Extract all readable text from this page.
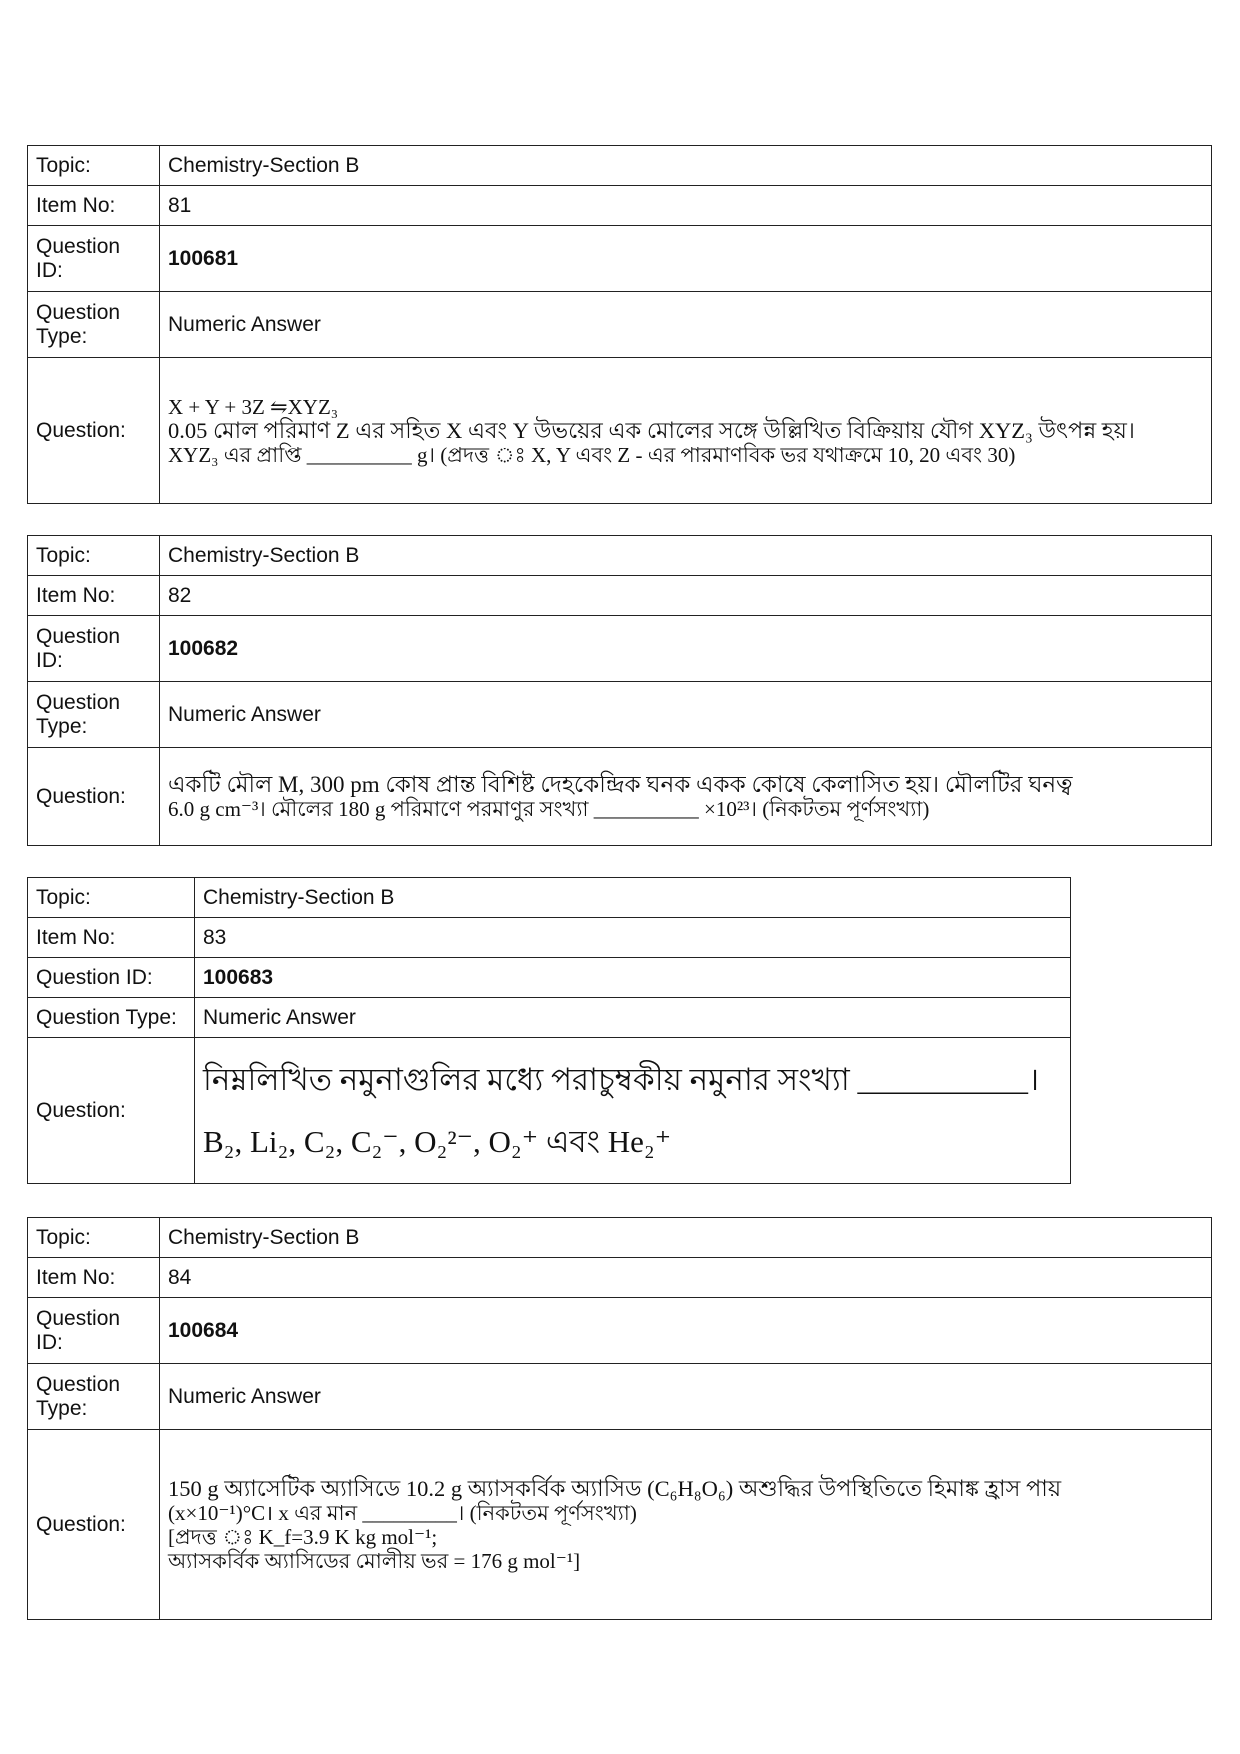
Topic:	Chemistry-Section B
Item No:	81
Question ID:	100681
Question Type:	Numeric Answer
Question:	X + Y + 3Z ⇋XYZ₃
0.05 মোল পরিমাণ Z এর সহিত X এবং Y উভয়ের এক মোলের সঙ্গে উল্লিখিত বিক্রিয়ায় যৌগ XYZ₃ উৎপন্ন হয়।
XYZ₃ এর প্রাপ্তি __________ g। (প্রদত্ত ঃ X, Y এবং Z - এর পারমাণবিক ভর যথাক্রমে 10, 20 এবং 30)
Topic:	Chemistry-Section B
Item No:	82
Question ID:	100682
Question Type:	Numeric Answer
Question:	একটি মৌল M, 300 pm কোষ প্রান্ত বিশিষ্ট দেহকেন্দ্রিক ঘনক একক কোষে কেলাসিত হয়। মৌলটির ঘনত্ব
6.0 g cm⁻³। মৌলের 180 g পরিমাণে পরমাণুর সংখ্যা __________ ×10²³। (নিকটতম পূর্ণসংখ্যা)
Topic:	Chemistry-Section B
Item No:	83
Question ID:	100683
Question Type:	Numeric Answer
Question:	নিম্নলিখিত নমুনাগুলির মধ্যে পরাচুম্বকীয় নমুনার সংখ্যা ___________।
B₂, Li₂, C₂, C₂⁻, O₂²⁻, O₂⁺ এবং He₂⁺
Topic:	Chemistry-Section B
Item No:	84
Question ID:	100684
Question Type:	Numeric Answer
Question:	150 g অ্যাসেটিক অ্যাসিডে 10.2 g অ্যাসকর্বিক অ্যাসিড (C₆H₈O₆) অশুদ্ধির উপস্থিতিতে হিমাঙ্ক হ্রাস পায়
(x×10⁻¹)°C। x এর মান _________। (নিকটতম পূর্ণসংখ্যা)
[প্রদত্ত ঃ K_f=3.9 K kg mol⁻¹;
অ্যাসকর্বিক অ্যাসিডের মোলীয় ভর = 176 g mol⁻¹]
